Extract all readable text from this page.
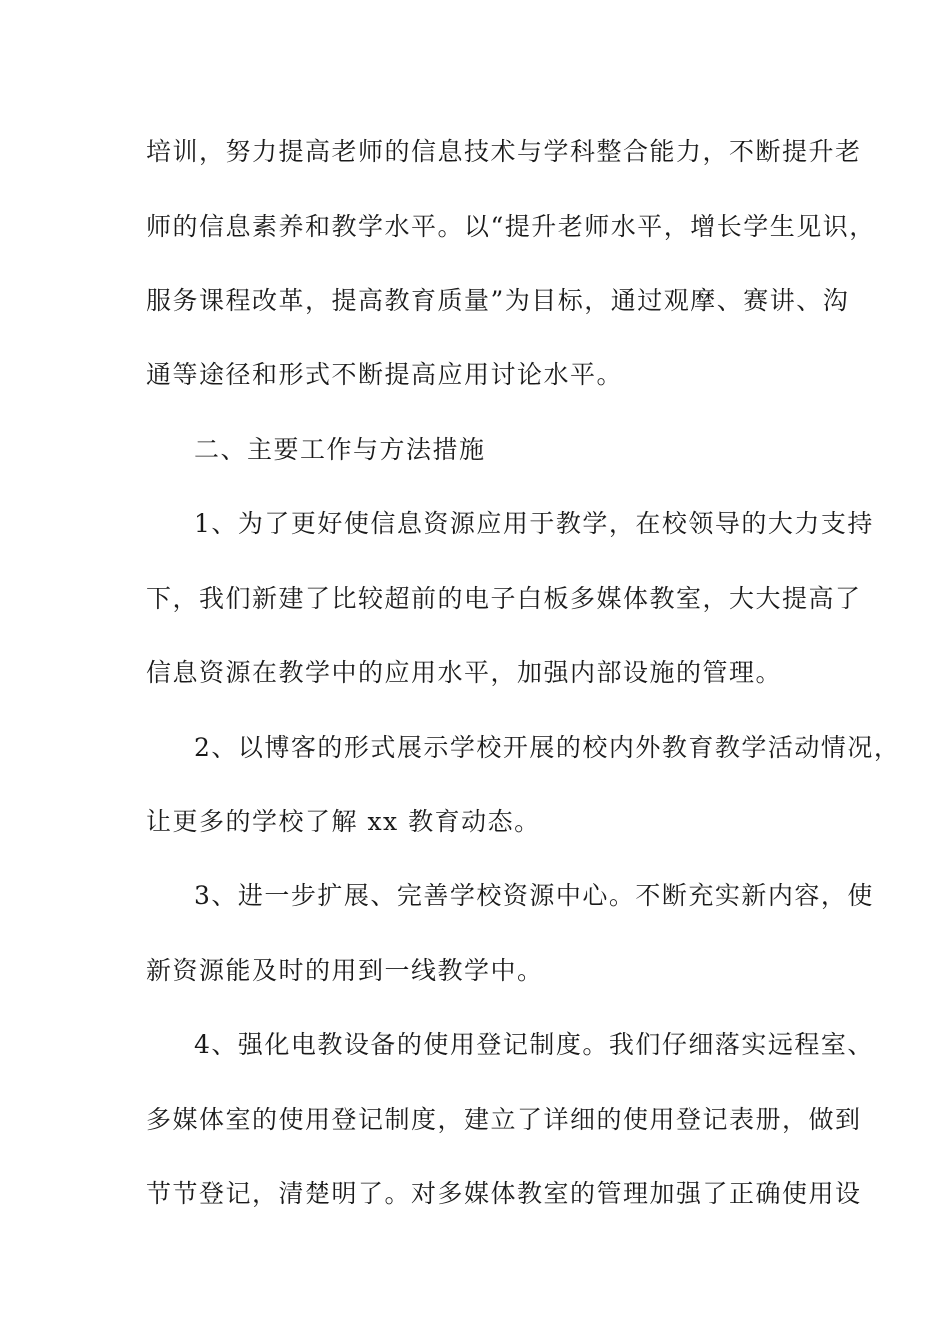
培训，努力提高老师的信息技术与学科整合能力，不断提升老
师的信息素养和教学水平。以“提升老师水平，增长学生见识，
服务课程改革，提高教育质量”为目标，通过观摩、赛讲、沟
通等途径和形式不断提高应用讨论水平。
二、主要工作与方法措施
1、为了更好使信息资源应用于教学，在校领导的大力支持
下，我们新建了比较超前的电子白板多媒体教室，大大提高了
信息资源在教学中的应用水平，加强内部设施的管理。
2、以博客的形式展示学校开展的校内外教育教学活动情况，
让更多的学校了解 xx 教育动态。
3、进一步扩展、完善学校资源中心。不断充实新内容，使
新资源能及时的用到一线教学中。
4、强化电教设备的使用登记制度。我们仔细落实远程室、
多媒体室的使用登记制度，建立了详细的使用登记表册，做到
节节登记，清楚明了。对多媒体教室的管理加强了正确使用设
